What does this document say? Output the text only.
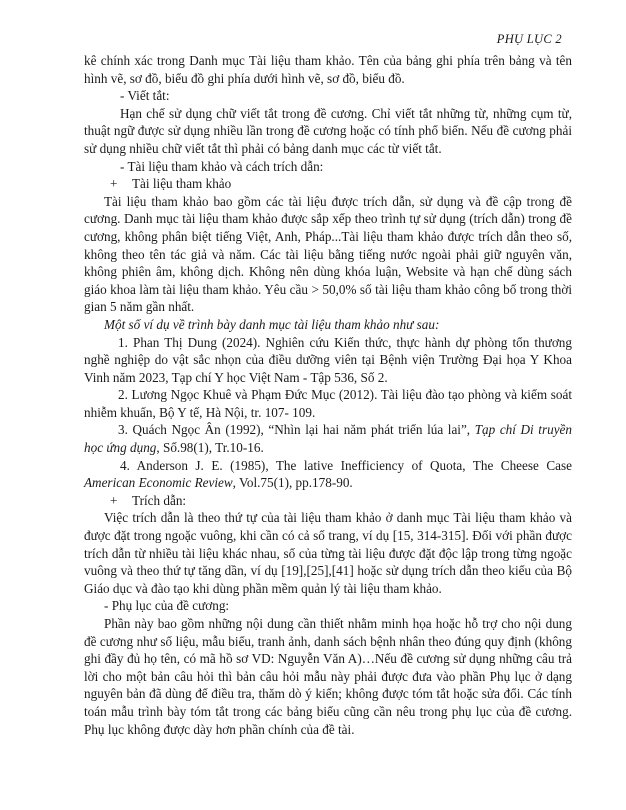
PHỤ LỤC 2

kê chính xác trong Danh mục Tài liệu tham khảo. Tên của bảng ghi phía trên bảng và tên hình vẽ, sơ đồ, biểu đồ ghi phía dưới hình vẽ, sơ đồ, biểu đồ.

- Viết tắt:

Hạn chế sử dụng chữ viết tắt trong đề cương. Chỉ viết tắt những từ, những cụm từ, thuật ngữ được sử dụng nhiều lần trong đề cương hoặc có tính phổ biến. Nếu đề cương phải sử dụng nhiều chữ viết tắt thì phải có bảng danh mục các từ viết tắt.

- Tài liệu tham khảo và cách trích dẫn:

+ Tài liệu tham khảo

Tài liệu tham khảo bao gồm các tài liệu được trích dẫn, sử dụng và đề cập trong đề cương. Danh mục tài liệu tham khảo được sắp xếp theo trình tự sử dụng (trích dẫn) trong đề cương, không phân biệt tiếng Việt, Anh, Pháp...Tài liệu tham khảo được trích dẫn theo số, không theo tên tác giả và năm. Các tài liệu bằng tiếng nước ngoài phải giữ nguyên văn, không phiên âm, không dịch. Không nên dùng khóa luận, Website và hạn chế dùng sách giáo khoa làm tài liệu tham khảo. Yêu cầu > 50,0% số tài liệu tham khảo công bố trong thời gian 5 năm gần nhất.

Một số ví dụ về trình bày danh mục tài liệu tham khảo như sau:

1. Phan Thị Dung (2024). Nghiên cứu Kiến thức, thực hành dự phòng tổn thương nghề nghiệp do vật sắc nhọn của điều dưỡng viên tại Bệnh viện Trường Đại họa Y Khoa Vinh năm 2023, Tạp chí Y học Việt Nam - Tập 536, Số 2.

2. Lương Ngọc Khuê và Phạm Đức Mục (2012). Tài liệu đào tạo phòng và kiểm soát nhiễm khuẩn, Bộ Y tế, Hà Nội, tr. 107- 109.

3. Quách Ngọc Ân (1992), “Nhìn lại hai năm phát triển lúa lai”, Tạp chí Di truyền học ứng dụng, Số.98(1), Tr.10-16.

4. Anderson J. E. (1985), The lative Inefficiency of Quota, The Cheese Case American Economic Review, Vol.75(1), pp.178-90.

+ Trích dẫn:

Việc trích dẫn là theo thứ tự của tài liệu tham khảo ở danh mục Tài liệu tham khảo và được đặt trong ngoặc vuông, khi cần có cả số trang, ví dụ [15, 314-315]. Đối với phần được trích dẫn từ nhiều tài liệu khác nhau, số của từng tài liệu được đặt độc lập trong từng ngoặc vuông và theo thứ tự tăng dần, ví dụ [19],[25],[41] hoặc sử dụng trích dẫn theo kiểu của Bộ Giáo dục và đào tạo khi dùng phần mềm quản lý tài liệu tham khảo.

- Phụ lục của đề cương:

Phần này bao gồm những nội dung cần thiết nhằm minh họa hoặc hỗ trợ cho nội dung đề cương như số liệu, mẫu biểu, tranh ảnh, danh sách bệnh nhân theo đúng quy định (không ghi đầy đủ họ tên, có mã hồ sơ VD: Nguyễn Văn A)…Nếu đề cương sử dụng những câu trả lời cho một bản câu hỏi thì bản câu hỏi mẫu này phải được đưa vào phần Phụ lục ở dạng nguyên bản đã dùng để điều tra, thăm dò ý kiến; không được tóm tắt hoặc sửa đổi. Các tính toán mẫu trình bày tóm tắt trong các bảng biểu cũng cần nêu trong phụ lục của đề cương. Phụ lục không được dày hơn phần chính của đề tài.
